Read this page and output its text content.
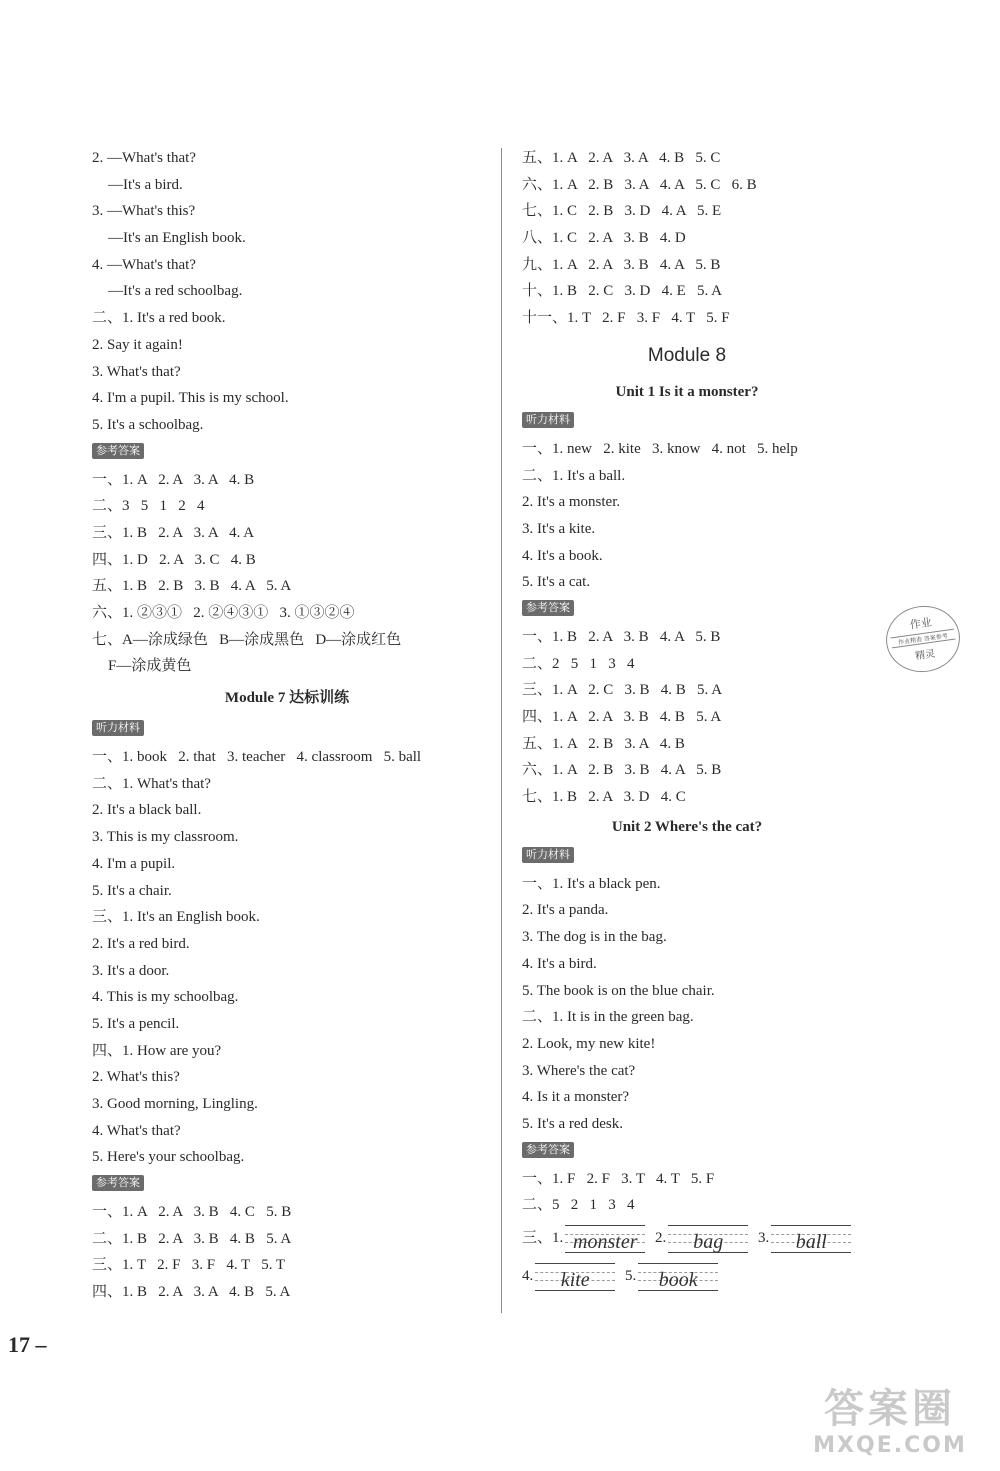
2. —What's that?
—It's a bird.
3. —What's this?
—It's an English book.
4. —What's that?
—It's a red schoolbag.
二、1. It's a red book.
2. Say it again!
3. What's that?
4. I'm a pupil. This is my school.
5. It's a schoolbag.
参考答案
一、1. A   2. A   3. A   4. B
二、3   5   1   2   4
三、1. B   2. A   3. A   4. A
四、1. D   2. A   3. C   4. B
五、1. B   2. B   3. B   4. A   5. A
六、1. ②③①   2. ②④③①   3. ①③②④
七、A—涂成绿色   B—涂成黑色   D—涂成红色
F—涂成黄色
Module 7 达标训练
听力材料
一、1. book   2. that   3. teacher   4. classroom   5. ball
二、1. What's that?
2. It's a black ball.
3. This is my classroom.
4. I'm a pupil.
5. It's a chair.
三、1. It's an English book.
2. It's a red bird.
3. It's a door.
4. This is my schoolbag.
5. It's a pencil.
四、1. How are you?
2. What's this?
3. Good morning, Lingling.
4. What's that?
5. Here's your schoolbag.
参考答案
一、1. A   2. A   3. B   4. C   5. B
二、1. B   2. A   3. B   4. B   5. A
三、1. T   2. F   3. F   4. T   5. T
四、1. B   2. A   3. A   4. B   5. A
五、1. A   2. A   3. A   4. B   5. C
六、1. A   2. B   3. A   4. A   5. C   6. B
七、1. C   2. B   3. D   4. A   5. E
八、1. C   2. A   3. B   4. D
九、1. A   2. A   3. B   4. A   5. B
十、1. B   2. C   3. D   4. E   5. A
十一、1. T   2. F   3. F   4. T   5. F
Module 8
Unit 1 Is it a monster?
听力材料
一、1. new   2. kite   3. know   4. not   5. help
二、1. It's a ball.
2. It's a monster.
3. It's a kite.
4. It's a book.
5. It's a cat.
参考答案
一、1. B   2. A   3. B   4. A   5. B
二、2   5   1   3   4
三、1. A   2. C   3. B   4. B   5. A
四、1. A   2. A   3. B   4. B   5. A
五、1. A   2. B   3. A   4. B
六、1. A   2. B   3. B   4. A   5. B
七、1. B   2. A   3. D   4. C
Unit 2 Where's the cat?
听力材料
一、1. It's a black pen.
2. It's a panda.
3. The dog is in the bag.
4. It's a bird.
5. The book is on the blue chair.
二、1. It is in the green bag.
2. Look, my new kite!
3. Where's the cat?
4. Is it a monster?
5. It's a red desk.
参考答案
一、1. F   2. F   3. T   4. T   5. F
二、5   2   1   3   4
三、1. monster	2.	bag	3.	ball
4.	kite	5.	book
作业
作业精准 答案参考
精灵
17 –
答案圈
MXQE.COM
